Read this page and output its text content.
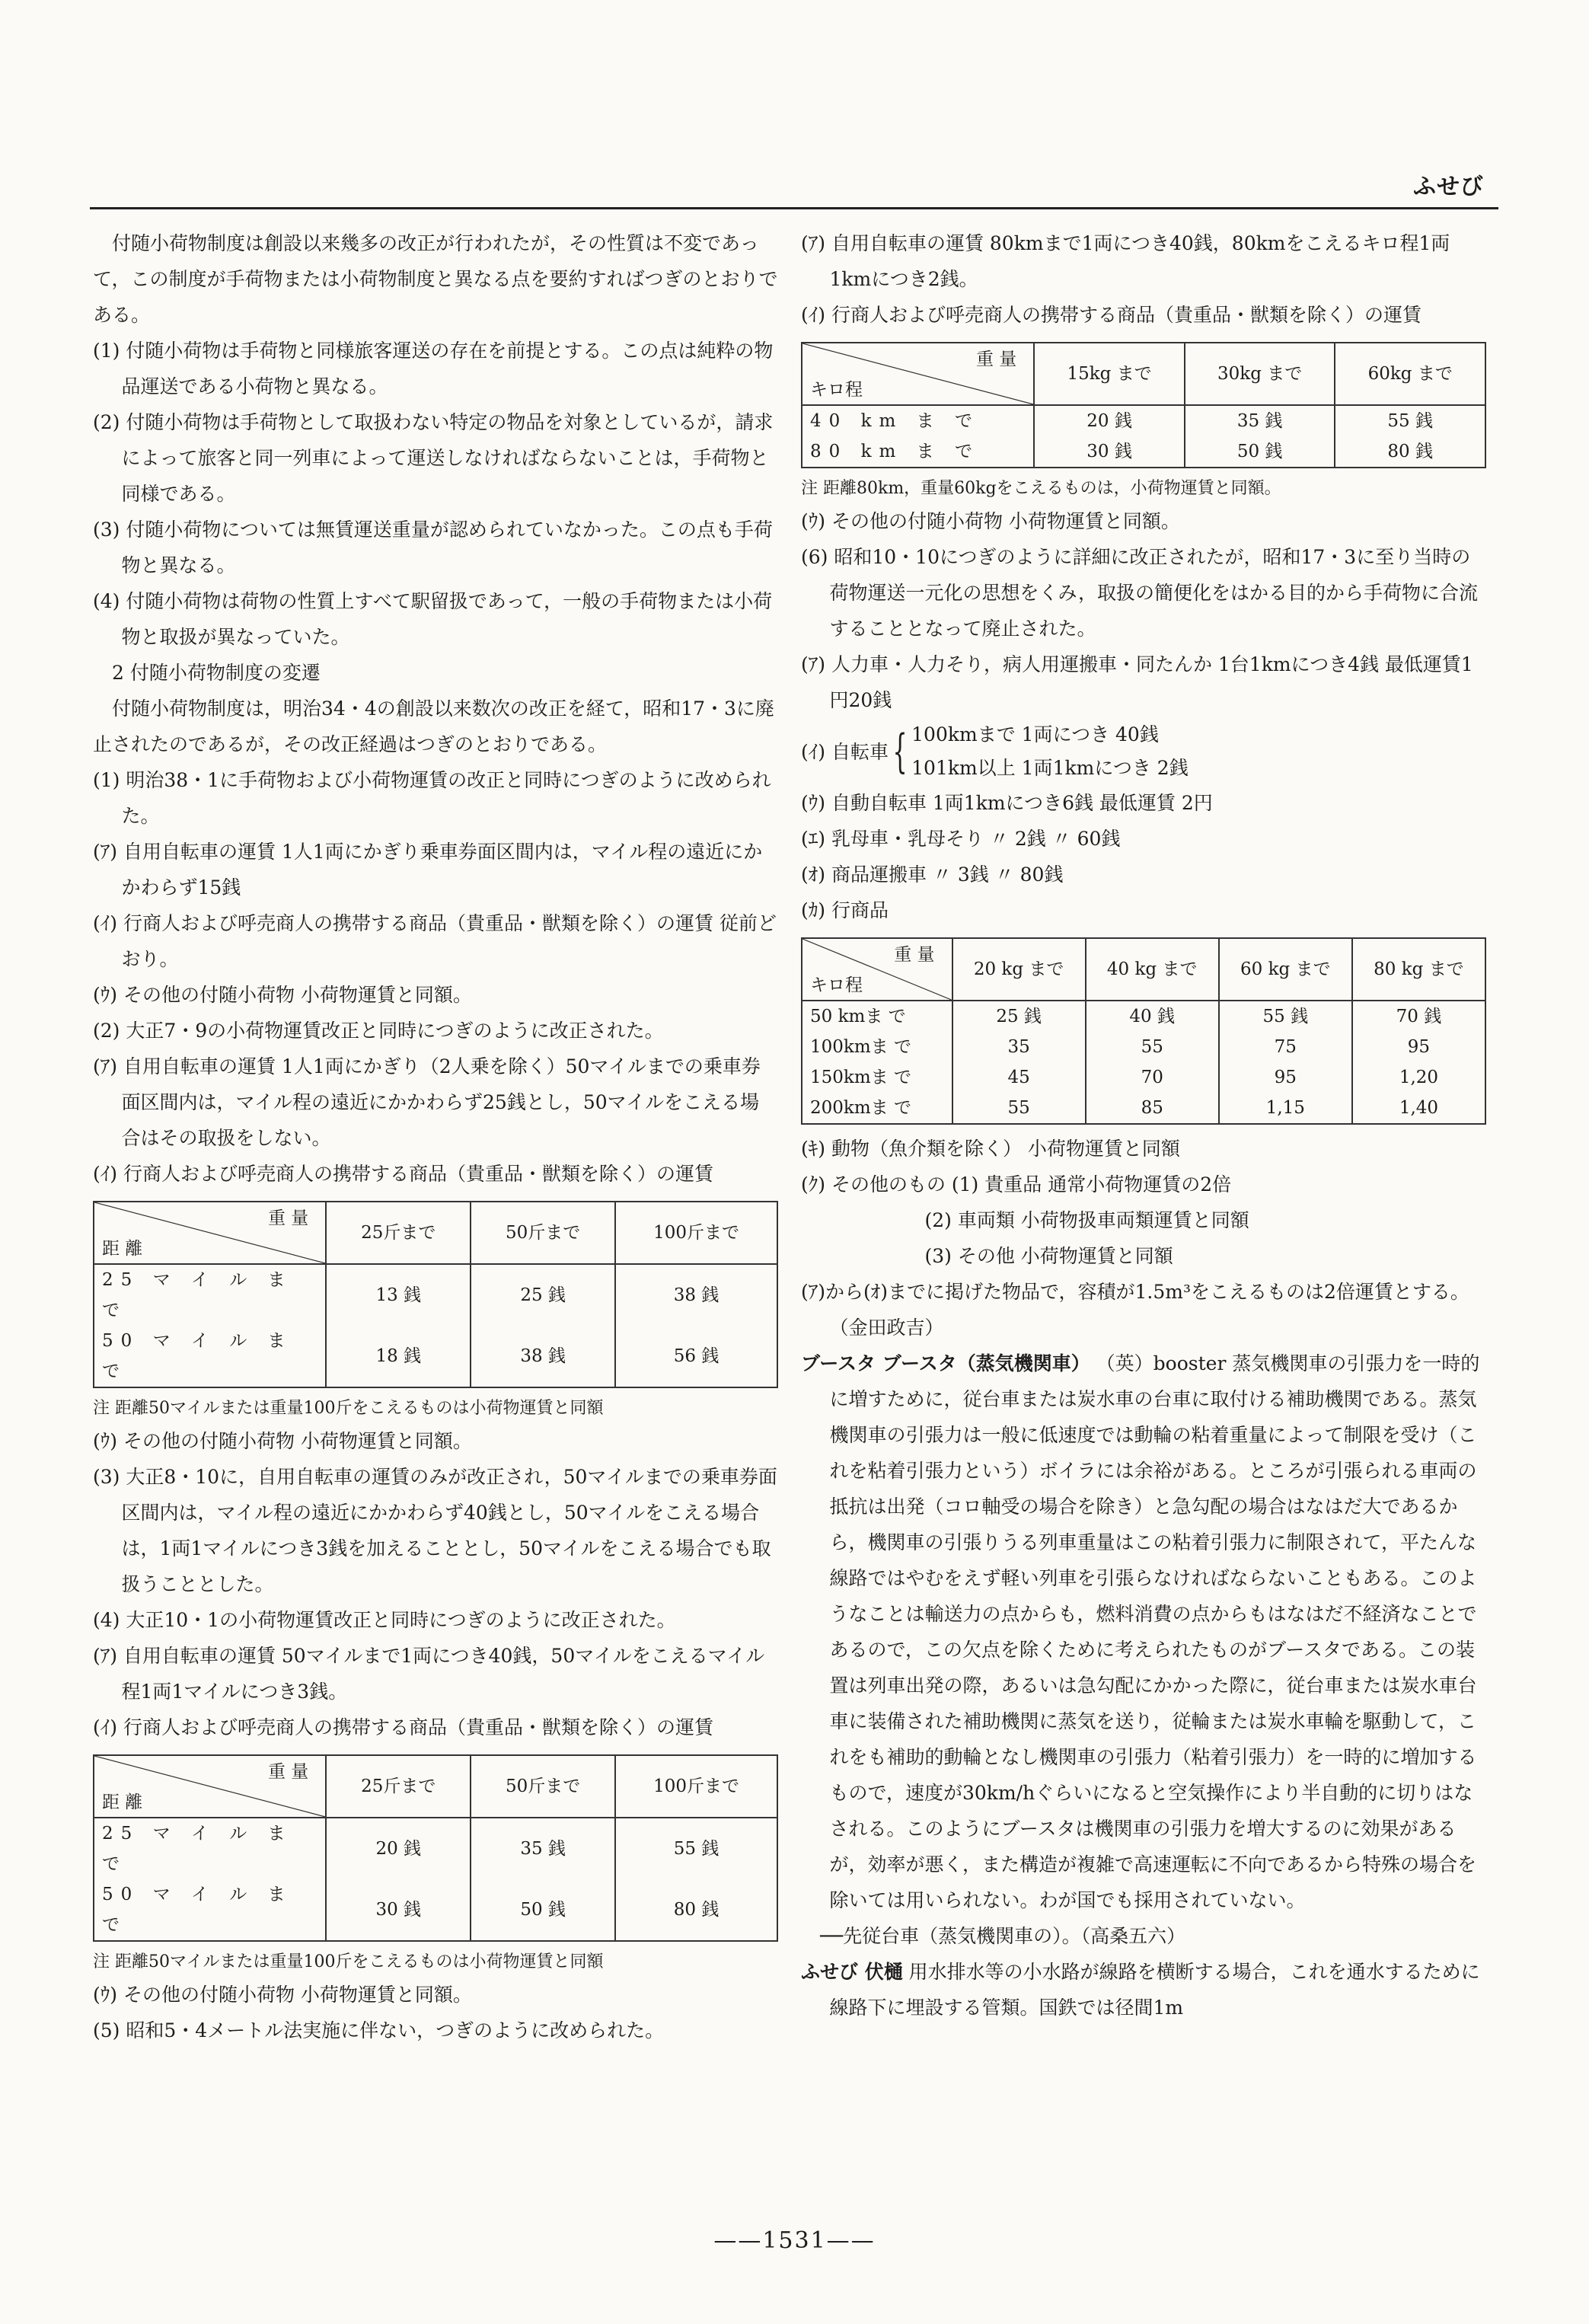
ふせび

付随小荷物制度は創設以来幾多の改正が行われたが，その性質は不変であって，この制度が手荷物または小荷物制度と異なる点を要約すればつぎのとおりである。

(1) 付随小荷物は手荷物と同様旅客運送の存在を前提とする。この点は純粋の物品運送である小荷物と異なる。

(2) 付随小荷物は手荷物として取扱わない特定の物品を対象としているが，請求によって旅客と同一列車によって運送しなければならないことは，手荷物と同様である。

(3) 付随小荷物については無賃運送重量が認められていなかった。この点も手荷物と異なる。

(4) 付随小荷物は荷物の性質上すべて駅留扱であって，一般の手荷物または小荷物と取扱が異なっていた。

2 付随小荷物制度の変遷

付随小荷物制度は，明治34・4の創設以来数次の改正を経て，昭和17・3に廃止されたのであるが，その改正経過はつぎのとおりである。

(1) 明治38・1に手荷物および小荷物運賃の改正と同時につぎのように改められた。

(ｱ) 自用自転車の運賃 1人1両にかぎり乗車券面区間内は，マイル程の遠近にかかわらず15銭

(ｲ) 行商人および呼売商人の携帯する商品（貴重品・獣類を除く）の運賃 従前どおり。

(ｳ) その他の付随小荷物 小荷物運賃と同額。

(2) 大正7・9の小荷物運賃改正と同時につぎのように改正された。

(ｱ) 自用自転車の運賃 1人1両にかぎり（2人乗を除く）50マイルまでの乗車券面区間内は，マイル程の遠近にかかわらず25銭とし，50マイルをこえる場合はその取扱をしない。

(ｲ) 行商人および呼売商人の携帯する商品（貴重品・獣類を除く）の運賃

重 量
距 離	25斤まで	50斤まで	100斤まで
25 マ イ ル ま で	13 銭	25 銭	38 銭
50 マ イ ル ま で	18 銭	38 銭	56 銭

注 距離50マイルまたは重量100斤をこえるものは小荷物運賃と同額

(ｳ) その他の付随小荷物 小荷物運賃と同額。

(3) 大正8・10に，自用自転車の運賃のみが改正され，50マイルまでの乗車券面区間内は，マイル程の遠近にかかわらず40銭とし，50マイルをこえる場合は，1両1マイルにつき3銭を加えることとし，50マイルをこえる場合でも取扱うこととした。

(4) 大正10・1の小荷物運賃改正と同時につぎのように改正された。

(ｱ) 自用自転車の運賃 50マイルまで1両につき40銭，50マイルをこえるマイル程1両1マイルにつき3銭。

(ｲ) 行商人および呼売商人の携帯する商品（貴重品・獣類を除く）の運賃

重 量
距 離	25斤まで	50斤まで	100斤まで
25 マ イ ル ま で	20 銭	35 銭	55 銭
50 マ イ ル ま で	30 銭	50 銭	80 銭

注 距離50マイルまたは重量100斤をこえるものは小荷物運賃と同額

(ｳ) その他の付随小荷物 小荷物運賃と同額。

(5) 昭和5・4メートル法実施に伴ない，つぎのように改められた。

(ｱ) 自用自転車の運賃 80kmまで1両につき40銭，80kmをこえるキロ程1両1kmにつき2銭。

(ｲ) 行商人および呼売商人の携帯する商品（貴重品・獣類を除く）の運賃

重 量
キロ程	15kg まで	30kg まで	60kg まで
40 km ま で	20 銭	35 銭	55 銭
80 km ま で	30 銭	50 銭	80 銭

注 距離80km，重量60kgをこえるものは，小荷物運賃と同額。

(ｳ) その他の付随小荷物 小荷物運賃と同額。

(6) 昭和10・10につぎのように詳細に改正されたが，昭和17・3に至り当時の荷物運送一元化の思想をくみ，取扱の簡便化をはかる目的から手荷物に合流することとなって廃止された。

(ｱ) 人力車・人力そり，病人用運搬車・同たんか 1台1kmにつき4銭 最低運賃1円20銭

(ｲ) 自転車 { 100kmまで 1両につき 40銭

101km以上 1両1kmにつき 2銭

(ｳ) 自動自転車 1両1kmにつき6銭 最低運賃 2円

(ｴ) 乳母車・乳母そり 〃 2銭 〃 60銭

(ｵ) 商品運搬車 〃 3銭 〃 80銭

(ｶ) 行商品

重 量
キロ程	20 kg まで	40 kg まで	60 kg まで	80 kg まで
50 kmま で	25 銭	40 銭	55 銭	70 銭
100kmま で	35	55	75	95
150kmま で	45	70	95	1,20
200kmま で	55	85	1,15	1,40

(ｷ) 動物（魚介類を除く） 小荷物運賃と同額

(ｸ) その他のもの (1) 貴重品 通常小荷物運賃の2倍

(2) 車両類 小荷物扱車両類運賃と同額

(3) その他 小荷物運賃と同額

(ｱ)から(ｵ)までに掲げた物品で，容積が1.5m³をこえるものは2倍運賃とする。（金田政吉）

ブースタ ブースタ（蒸気機関車） （英）booster 蒸気機関車の引張力を一時的に増すために，従台車または炭水車の台車に取付ける補助機関である。蒸気機関車の引張力は一般に低速度では動輪の粘着重量によって制限を受け（これを粘着引張力という）ボイラには余裕がある。ところが引張られる車両の抵抗は出発（コロ軸受の場合を除き）と急勾配の場合はなはだ大であるから，機関車の引張りうる列車重量はこの粘着引張力に制限されて，平たんな線路ではやむをえず軽い列車を引張らなければならないこともある。このようなことは輸送力の点からも，燃料消費の点からもはなはだ不経済なことであるので，この欠点を除くために考えられたものがブースタである。この装置は列車出発の際，あるいは急勾配にかかった際に，従台車または炭水車台車に装備された補助機関に蒸気を送り，従輪または炭水車輪を駆動して，これをも補助的動輪となし機関車の引張力（粘着引張力）を一時的に増加するもので，速度が30km/hぐらいになると空気操作により半自動的に切りはなされる。このようにブースタは機関車の引張力を増大するのに効果があるが，効率が悪く，また構造が複雑で高速運転に不向であるから特殊の場合を除いては用いられない。わが国でも採用されていない。

──先従台車（蒸気機関車の）。（高桑五六）

ふせび 伏樋 用水排水等の小水路が線路を横断する場合，これを通水するために線路下に埋設する管類。国鉄では径間1m

——1531——
